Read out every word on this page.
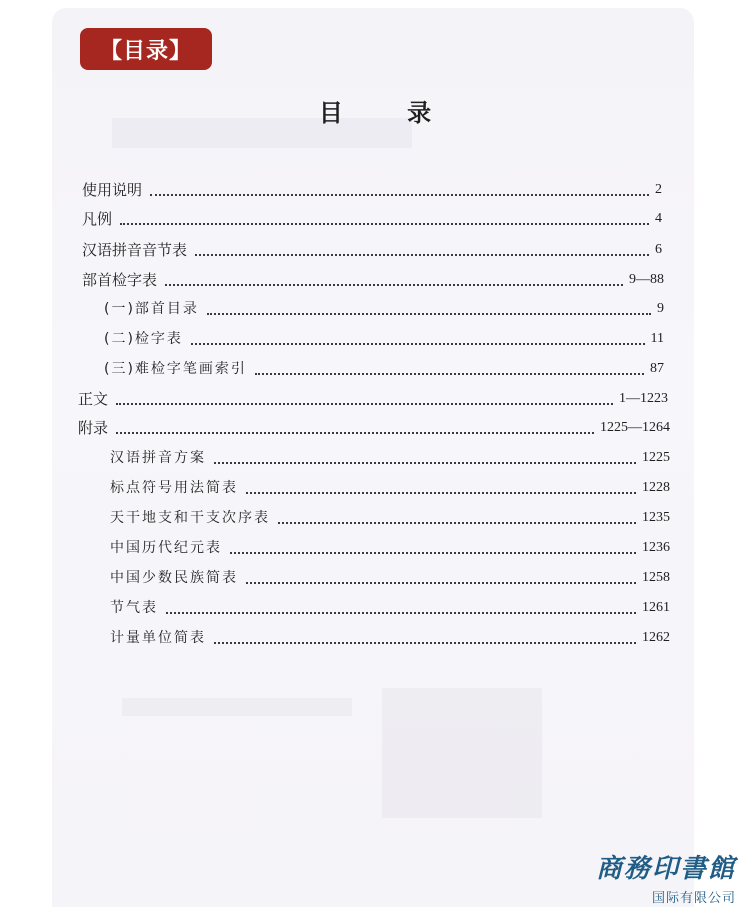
【目录】
目 录
使用说明	2
凡例	4
汉语拼音音节表	6
部首检字表	9—88
(一)部首目录	9
(二)检字表	11
(三)难检字笔画索引	87
正文	1—1223
附录	1225—1264
汉语拼音方案	1225
标点符号用法简表	1228
天干地支和干支次序表	1235
中国历代纪元表	1236
中国少数民族简表	1258
节气表	1261
计量单位简表	1262
商務印書館
国际有限公司
